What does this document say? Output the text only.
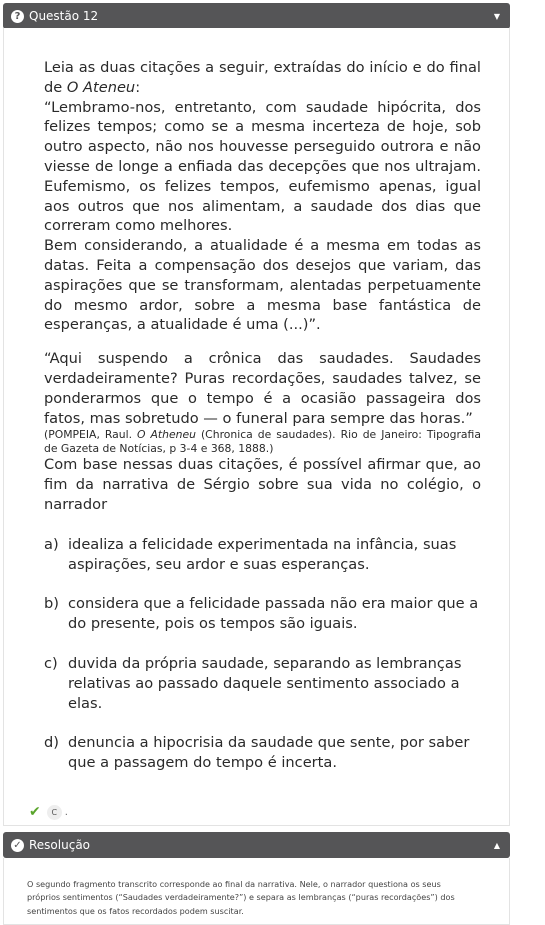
? Questão 12	▼

Leia as duas citações a seguir, extraídas do início e do final de O Ateneu:

“Lembramo-nos, entretanto, com saudade hipócrita, dos felizes tempos; como se a mesma incerteza de hoje, sob outro aspecto, não nos houvesse perseguido outrora e não viesse de longe a enfiada das decepções que nos ultrajam. Eufemismo, os felizes tempos, eufemismo apenas, igual aos outros que nos alimentam, a saudade dos dias que correram como melhores.

Bem considerando, a atualidade é a mesma em todas as datas. Feita a compensação dos desejos que variam, das aspirações que se transformam, alentadas perpetuamente do mesmo ardor, sobre a mesma base fantástica de esperanças, a atualidade é uma (...)”.

“Aqui suspendo a crônica das saudades. Saudades verdadeiramente? Puras recordações, saudades talvez, se ponderarmos que o tempo é a ocasião passageira dos fatos, mas sobretudo — o funeral para sempre das horas.”

(POMPEIA, Raul. O Atheneu (Chronica de saudades). Rio de Janeiro: Tipografia de Gazeta de Notícias, p 3-4 e 368, 1888.)

Com base nessas duas citações, é possível afirmar que, ao fim da narrativa de Sérgio sobre sua vida no colégio, o narrador

a) idealiza a felicidade experimentada na infância, suas aspirações, seu ardor e suas esperanças.
b) considera que a felicidade passada não era maior que a do presente, pois os tempos são iguais.
c) duvida da própria saudade, separando as lembranças relativas ao passado daquele sentimento associado a elas.
d) denuncia a hipocrisia da saudade que sente, por saber que a passagem do tempo é incerta.
✔	C .
✓ Resolução	▲
O segundo fragmento transcrito corresponde ao final da narrativa. Nele, o narrador questiona os seus próprios sentimentos (“Saudades verdadeiramente?”) e separa as lembranças (“puras recordações”) dos sentimentos que os fatos recordados podem suscitar.
